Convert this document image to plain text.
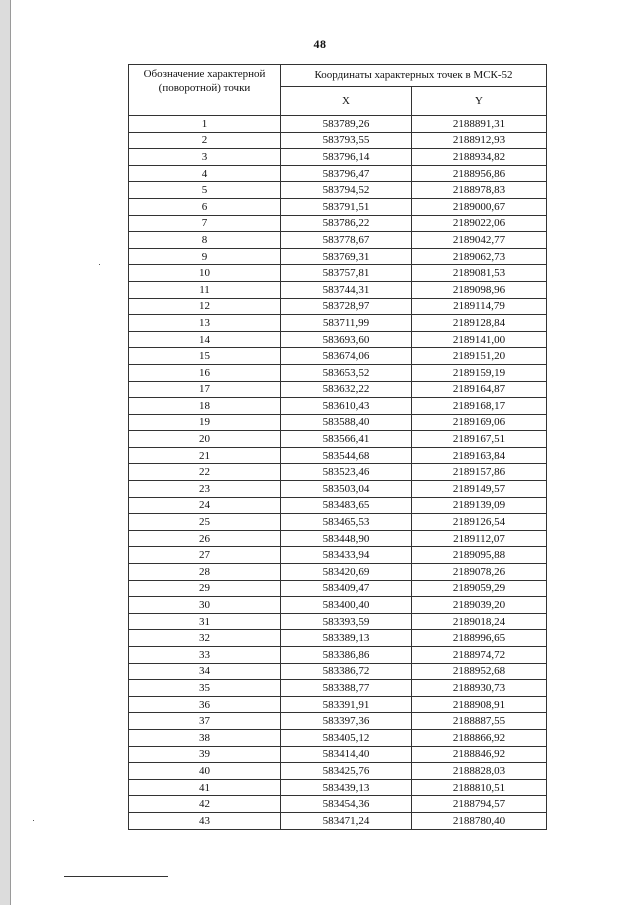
48
Обозначение характерной (поворотной) точки	Координаты характерных точек в МСК-52	
	X	Y
1	583789,26	2188891,31
2	583793,55	2188912,93
3	583796,14	2188934,82
4	583796,47	2188956,86
5	583794,52	2188978,83
6	583791,51	2189000,67
7	583786,22	2189022,06
8	583778,67	2189042,77
9	583769,31	2189062,73
10	583757,81	2189081,53
11	583744,31	2189098,96
12	583728,97	2189114,79
13	583711,99	2189128,84
14	583693,60	2189141,00
15	583674,06	2189151,20
16	583653,52	2189159,19
17	583632,22	2189164,87
18	583610,43	2189168,17
19	583588,40	2189169,06
20	583566,41	2189167,51
21	583544,68	2189163,84
22	583523,46	2189157,86
23	583503,04	2189149,57
24	583483,65	2189139,09
25	583465,53	2189126,54
26	583448,90	2189112,07
27	583433,94	2189095,88
28	583420,69	2189078,26
29	583409,47	2189059,29
30	583400,40	2189039,20
31	583393,59	2189018,24
32	583389,13	2188996,65
33	583386,86	2188974,72
34	583386,72	2188952,68
35	583388,77	2188930,73
36	583391,91	2188908,91
37	583397,36	2188887,55
38	583405,12	2188866,92
39	583414,40	2188846,92
40	583425,76	2188828,03
41	583439,13	2188810,51
42	583454,36	2188794,57
43	583471,24	2188780,40
